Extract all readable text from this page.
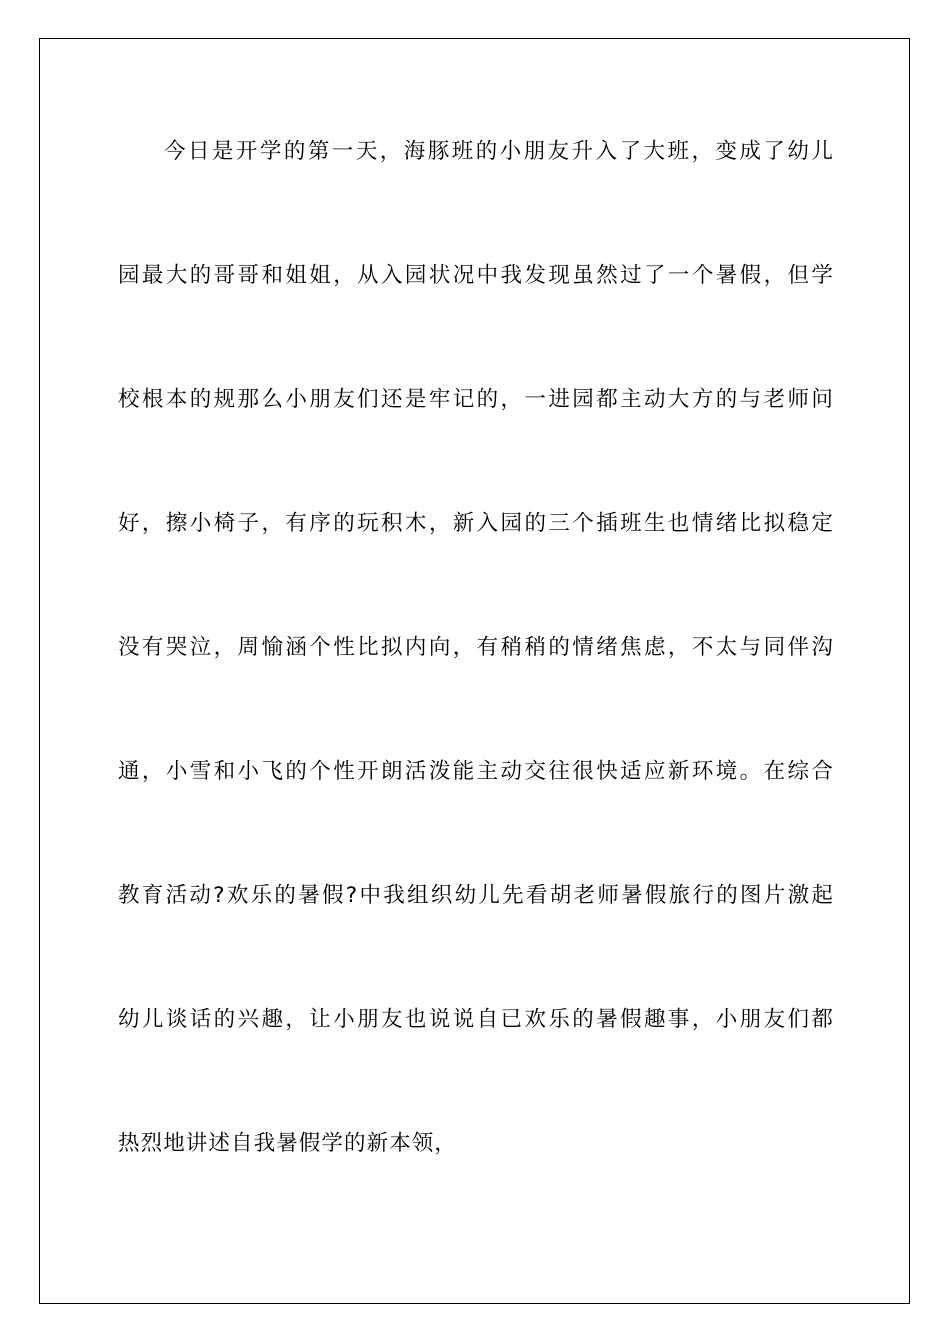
今日是开学的第一天，海豚班的小朋友升入了大班，变成了幼儿

园最大的哥哥和姐姐，从入园状况中我发现虽然过了一个暑假，但学

校根本的规那么小朋友们还是牢记的，一进园都主动大方的与老师问

好，擦小椅子，有序的玩积木，新入园的三个插班生也情绪比拟稳定

没有哭泣，周愉涵个性比拟内向，有稍稍的情绪焦虑，不太与同伴沟

通，小雪和小飞的个性开朗活泼能主动交往很快适应新环境。在综合

教育活动?欢乐的暑假?中我组织幼儿先看胡老师暑假旅行的图片激起

幼儿谈话的兴趣，让小朋友也说说自已欢乐的暑假趣事，小朋友们都

热烈地讲述自我暑假学的新本领，
